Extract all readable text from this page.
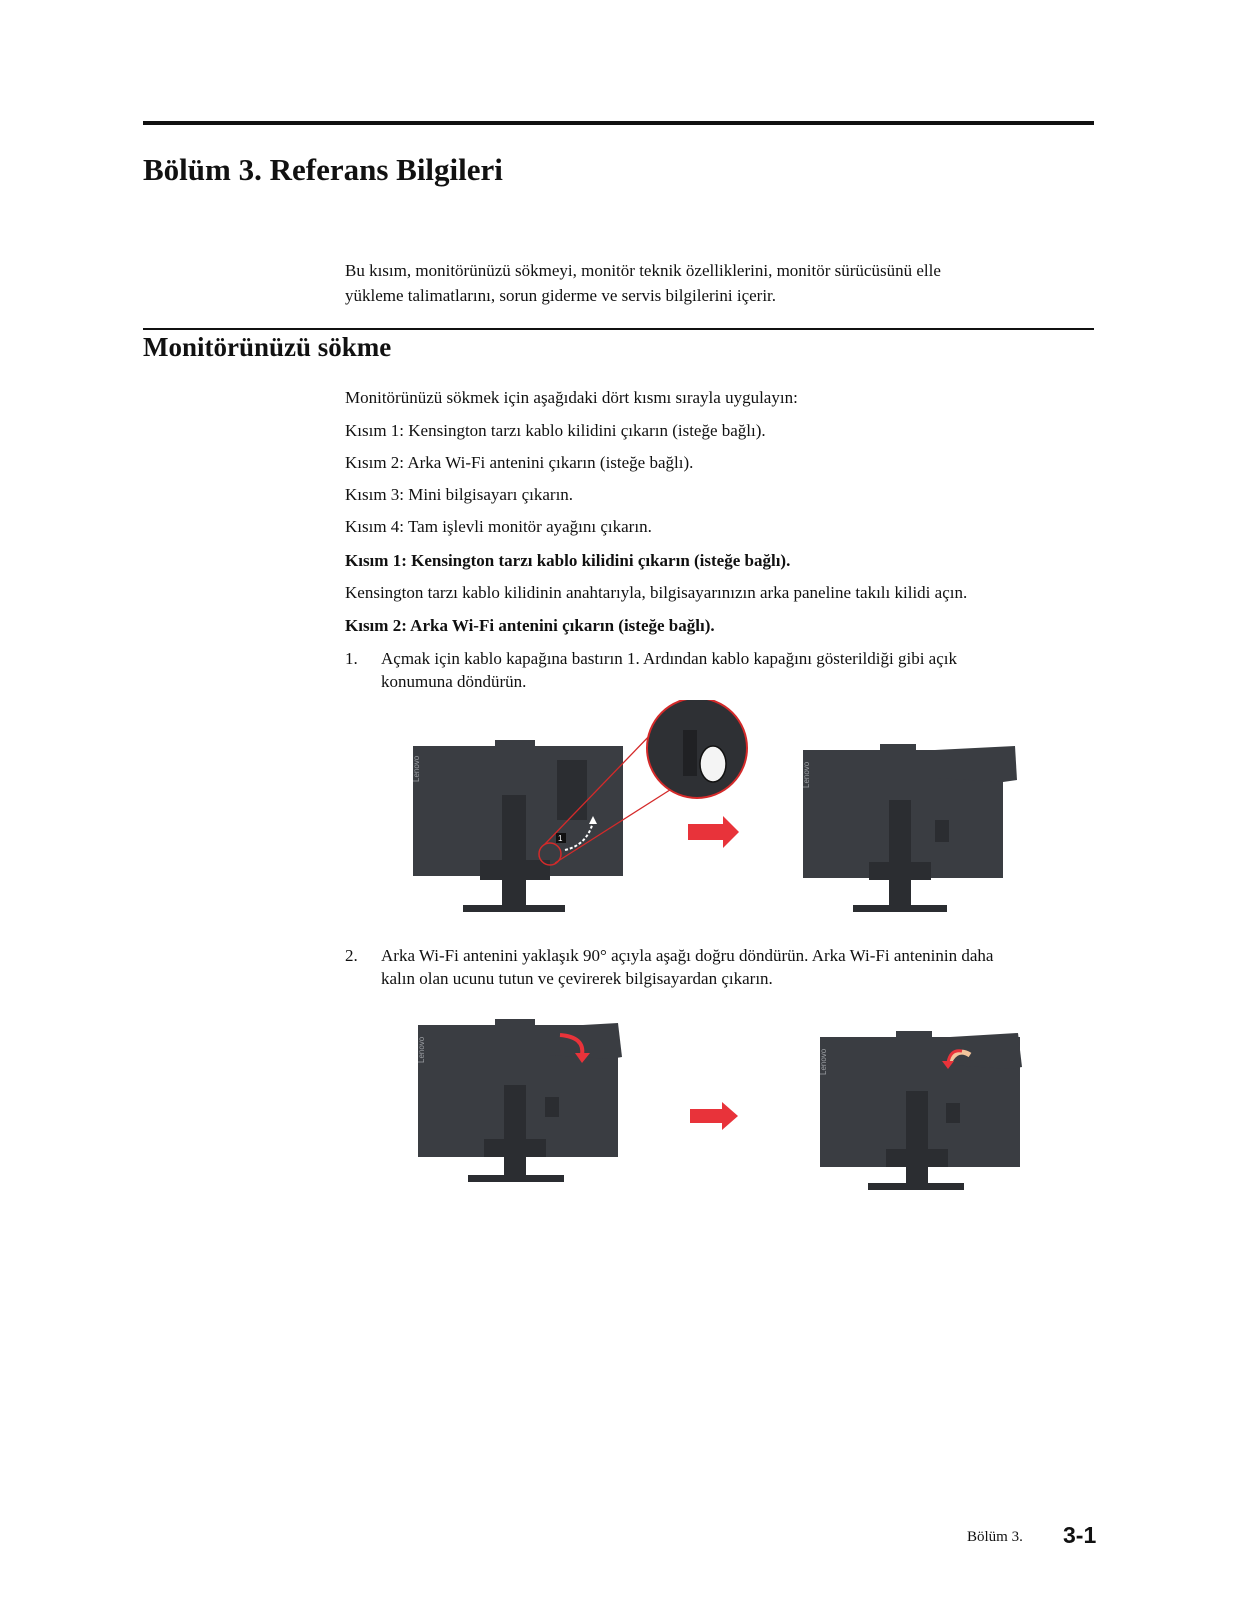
Bölüm 3. Referans Bilgileri
Bu kısım, monitörünüzü sökmeyi, monitör teknik özelliklerini, monitör sürücüsünü elle
yükleme talimatlarını, sorun giderme ve servis bilgilerini içerir.
Monitörünüzü sökme
Monitörünüzü sökmek için aşağıdaki dört kısmı sırayla uygulayın:
Kısım 1: Kensington tarzı kablo kilidini çıkarın (isteğe bağlı).
Kısım 2: Arka Wi-Fi antenini çıkarın (isteğe bağlı).
Kısım 3: Mini bilgisayarı çıkarın.
Kısım 4: Tam işlevli monitör ayağını çıkarın.
Kısım 1: Kensington tarzı kablo kilidini çıkarın (isteğe bağlı).
Kensington tarzı kablo kilidinin anahtarıyla, bilgisayarınızın arka paneline takılı kilidi açın.
Kısım 2: Arka Wi-Fi antenini çıkarın (isteğe bağlı).
1. Açmak için kablo kapağına bastırın 1. Ardından kablo kapağını gösterildiği gibi açık
konumuna döndürün.
Lenovo
1
Lenovo
2. Arka Wi-Fi antenini yaklaşık 90° açıyla aşağı doğru döndürün. Arka Wi-Fi anteninin daha
kalın olan ucunu tutun ve çevirerek bilgisayardan çıkarın.
Lenovo	Lenovo
Bölüm 3. 3-1
